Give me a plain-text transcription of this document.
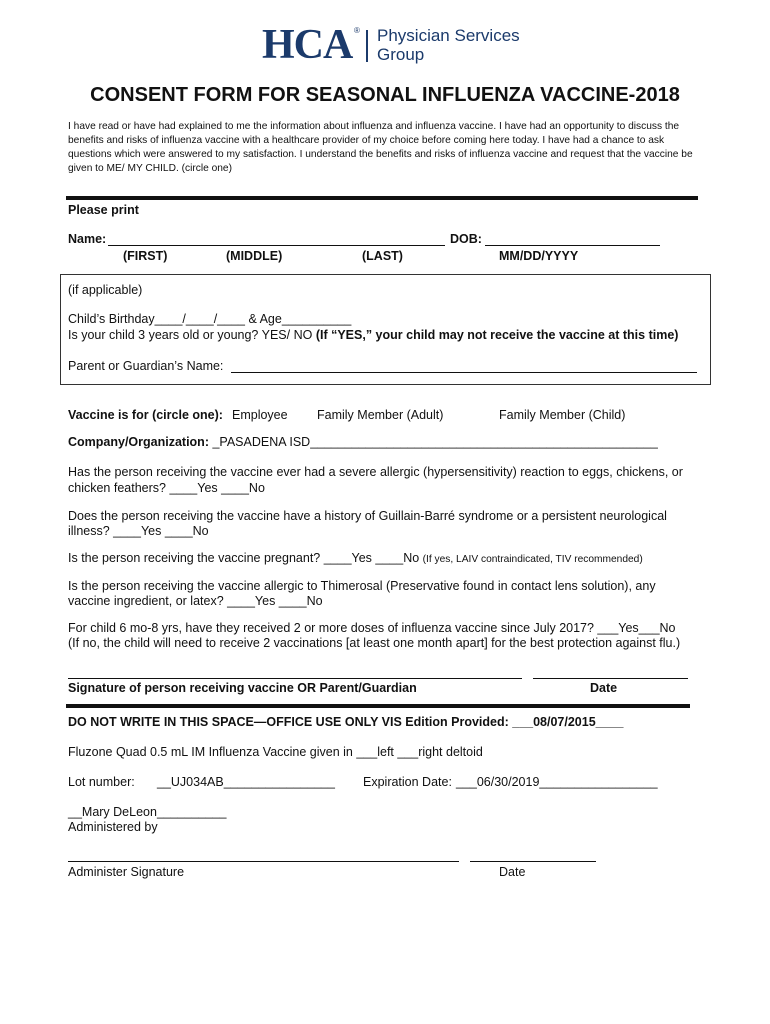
HCA ® Physician Services
Group
CONSENT FORM FOR SEASONAL INFLUENZA VACCINE-2018
I have read or have had explained to me the information about influenza and influenza vaccine. I have had an opportunity to discuss the benefits and risks of influenza vaccine with a healthcare provider of my choice before coming here today. I have had a chance to ask questions which were answered to my satisfaction. I understand the benefits and risks of influenza vaccine and request that the vaccine be given to ME/ MY CHILD. (circle one)
Please print
Name:	DOB:
(FIRST)	(MIDDLE)	(LAST)	MM/DD/YYYY
(if applicable)
Child’s Birthday____/____/____ & Age__________
Is your child 3 years old or young? YES/ NO (If “YES,” your child may not receive the vaccine at this time)
Parent or Guardian’s Name:
Vaccine is for (circle one): Employee Family Member (Adult)	Family Member (Child)
Company/Organization: _PASADENA ISD__________________________________________________
Has the person receiving the vaccine ever had a severe allergic (hypersensitivity) reaction to eggs, chickens, or
chicken feathers? ____Yes ____No
Does the person receiving the vaccine have a history of Guillain-Barré syndrome or a persistent neurological
illness? ____Yes ____No
Is the person receiving the vaccine pregnant? ____Yes ____No (If yes, LAIV contraindicated, TIV recommended)
Is the person receiving the vaccine allergic to Thimerosal (Preservative found in contact lens solution), any
vaccine ingredient, or latex? ____Yes ____No
For child 6 mo-8 yrs, have they received 2 or more doses of influenza vaccine since July 2017? ___Yes___No
(If no, the child will need to receive 2 vaccinations [at least one month apart] for the best protection against flu.)
Signature of person receiving vaccine OR Parent/Guardian	Date
DO NOT WRITE IN THIS SPACE—OFFICE USE ONLY VIS Edition Provided: ___08/07/2015____
Fluzone Quad 0.5 mL IM Influenza Vaccine given in ___left ___right deltoid
Lot number: __UJ034AB________________ Expiration Date: ___06/30/2019_________________
__Mary DeLeon__________
Administered by
Administer Signature	Date
